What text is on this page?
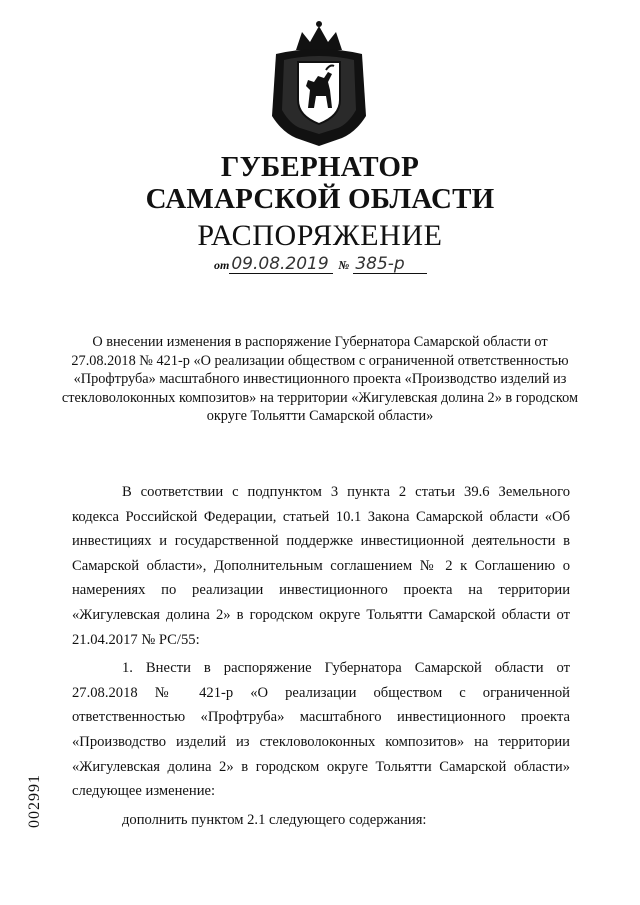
ГУБЕРНАТОР
САМАРСКОЙ ОБЛАСТИ
РАСПОРЯЖЕНИЕ
от 09.08.2019 № 385-р
О внесении изменения в распоряжение Губернатора Самарской области от 27.08.2018 № 421-р «О реализации обществом с ограниченной ответственностью «Профтруба» масштабного инвестиционного проекта «Производство изделий из стекловолоконных композитов» на территории «Жигулевская долина 2» в городском округе Тольятти Самарской области»

В соответствии с подпунктом 3 пункта 2 статьи 39.6 Земельного кодекса Российской Федерации, статьей 10.1 Закона Самарской области «Об инвестициях и государственной поддержке инвестиционной деятельности в Самарской области», Дополнительным соглашением № 2 к Соглашению о намерениях по реализации инвестиционного проекта на территории «Жигулевская долина 2» в городском округе Тольятти Самарской области от 21.04.2017 № РС/55:

1. Внести в распоряжение Губернатора Самарской области от 27.08.2018 № 421-р «О реализации обществом с ограниченной ответственностью «Профтруба» масштабного инвестиционного проекта «Производство изделий из стекловолоконных композитов» на территории «Жигулевская долина 2» в городском округе Тольятти Самарской области» следующее изменение:

дополнить пунктом 2.1 следующего содержания:

002991
